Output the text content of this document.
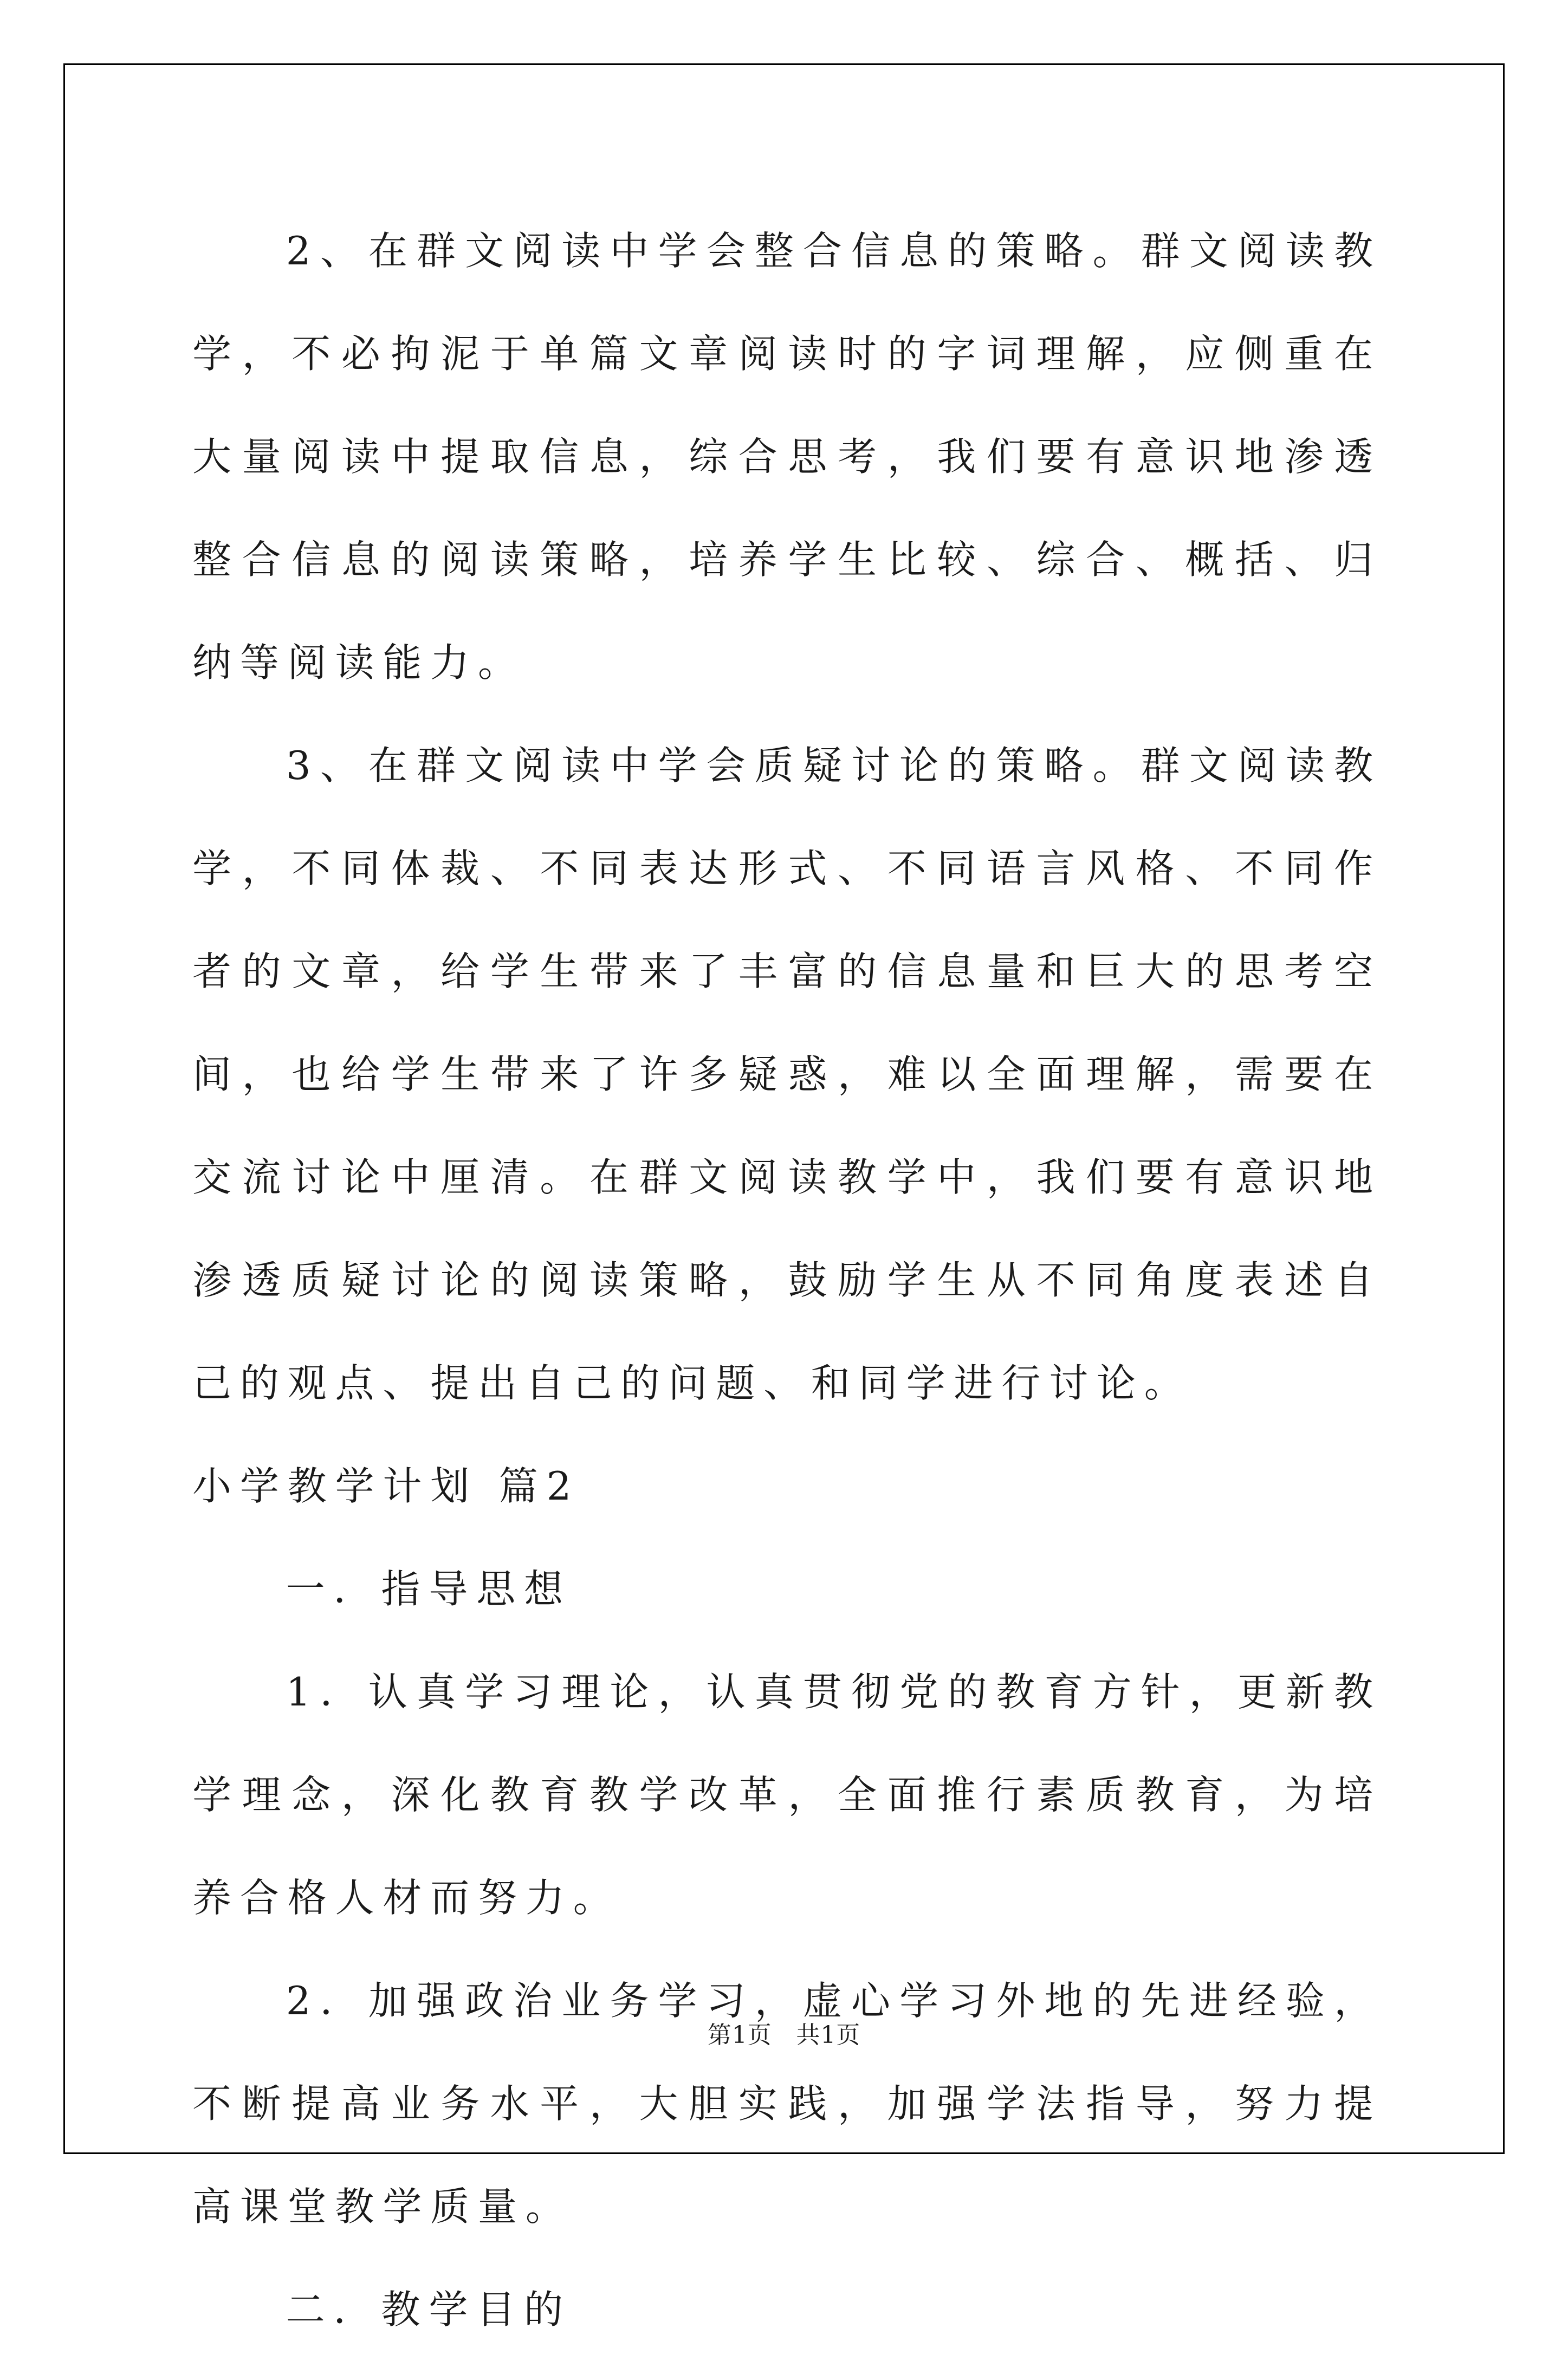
2、在群文阅读中学会整合信息的策略。群文阅读教学，不必拘泥于单篇文章阅读时的字词理解，应侧重在大量阅读中提取信息，综合思考，我们要有意识地渗透整合信息的阅读策略，培养学生比较、综合、概括、归纳等阅读能力。

3、在群文阅读中学会质疑讨论的策略。群文阅读教学，不同体裁、不同表达形式、不同语言风格、不同作者的文章，给学生带来了丰富的信息量和巨大的思考空间，也给学生带来了许多疑惑，难以全面理解，需要在交流讨论中厘清。在群文阅读教学中，我们要有意识地渗透质疑讨论的阅读策略，鼓励学生从不同角度表述自己的观点、提出自己的问题、和同学进行讨论。

小学教学计划 篇2

一．指导思想

1．认真学习理论，认真贯彻党的教育方针，更新教学理念，深化教育教学改革，全面推行素质教育，为培养合格人材而努力。

2．加强政治业务学习，虚心学习外地的先进经验，不断提高业务水平，大胆实践，加强学法指导，努力提高课堂教学质量。

二．教学目的

第1页　共1页
